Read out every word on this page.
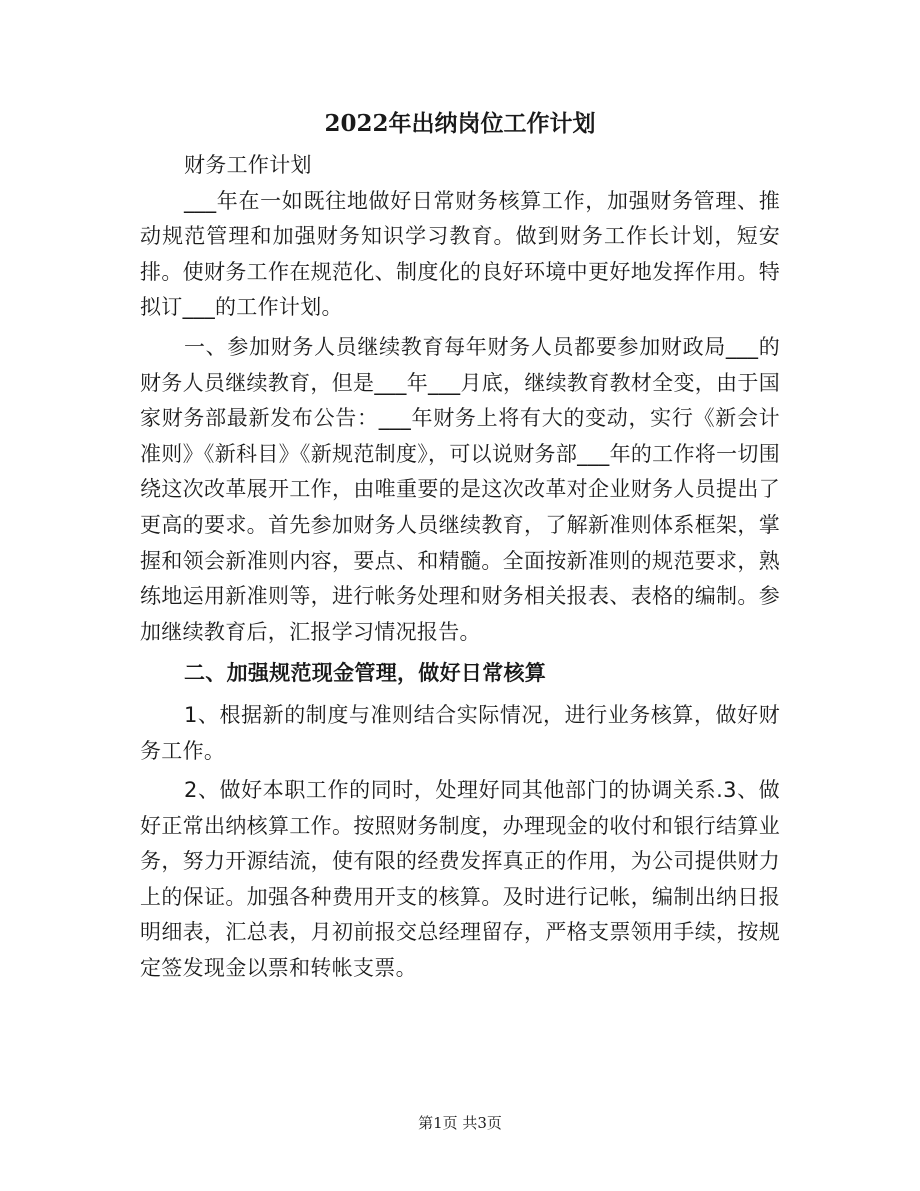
2022年出纳岗位工作计划

财务工作计划

___年在一如既往地做好日常财务核算工作，加强财务管理、推动规范管理和加强财务知识学习教育。做到财务工作长计划，短安排。使财务工作在规范化、制度化的良好环境中更好地发挥作用。特拟订___的工作计划。

一、参加财务人员继续教育每年财务人员都要参加财政局___的财务人员继续教育，但是___年___月底，继续教育教材全变，由于国家财务部最新发布公告：___年财务上将有大的变动，实行《新会计准则》《新科目》《新规范制度》，可以说财务部___年的工作将一切围绕这次改革展开工作，由唯重要的是这次改革对企业财务人员提出了更高的要求。首先参加财务人员继续教育，了解新准则体系框架，掌握和领会新准则内容，要点、和精髓。全面按新准则的规范要求，熟练地运用新准则等，进行帐务处理和财务相关报表、表格的编制。参加继续教育后，汇报学习情况报告。

二、加强规范现金管理，做好日常核算

1、根据新的制度与准则结合实际情况，进行业务核算，做好财务工作。

2、做好本职工作的同时，处理好同其他部门的协调关系.3、做好正常出纳核算工作。按照财务制度，办理现金的收付和银行结算业务，努力开源结流，使有限的经费发挥真正的作用，为公司提供财力上的保证。加强各种费用开支的核算。及时进行记帐，编制出纳日报明细表，汇总表，月初前报交总经理留存，严格支票领用手续，按规定签发现金以票和转帐支票。

第1页 共3页
